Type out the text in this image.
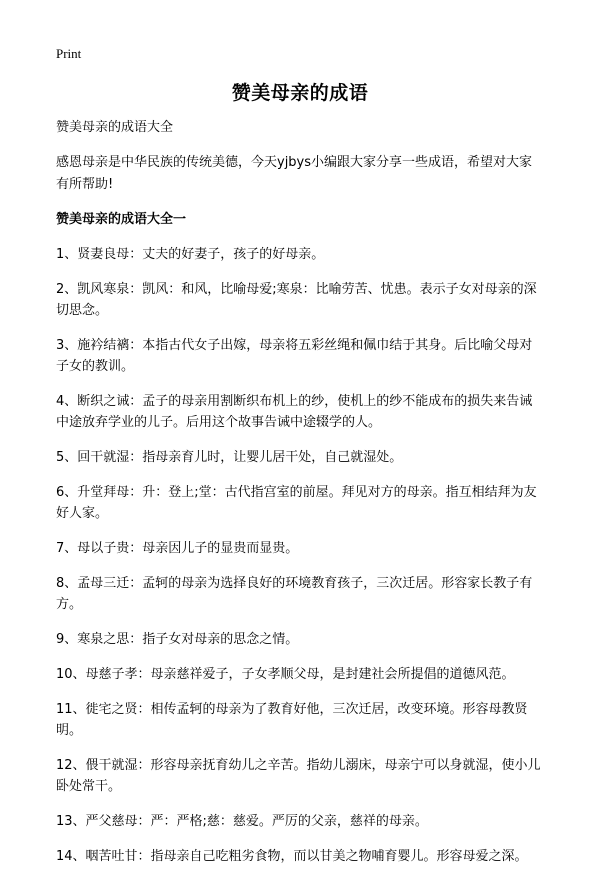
Print
赞美母亲的成语

赞美母亲的成语大全

感恩母亲是中华民族的传统美德，今天yjbys小编跟大家分享一些成语，希望对大家有所帮助!

赞美母亲的成语大全一

1、贤妻良母：丈夫的好妻子，孩子的好母亲。
2、凯风寒泉：凯风：和风，比喻母爱;寒泉：比喻劳苦、忧患。表示子女对母亲的深切思念。
3、施衿结褵：本指古代女子出嫁，母亲将五彩丝绳和佩巾结于其身。后比喻父母对子女的教训。
4、断织之诫：孟子的母亲用割断织布机上的纱，使机上的纱不能成布的损失来告诫中途放弃学业的儿子。后用这个故事告诫中途辍学的人。
5、回干就湿：指母亲育儿时，让婴儿居干处，自己就湿处。
6、升堂拜母：升：登上;堂：古代指宫室的前屋。拜见对方的母亲。指互相结拜为友好人家。
7、母以子贵：母亲因儿子的显贵而显贵。
8、孟母三迁：孟轲的母亲为选择良好的环境教育孩子，三次迁居。形容家长教子有方。
9、寒泉之思：指子女对母亲的思念之情。
10、母慈子孝：母亲慈祥爱子，子女孝顺父母，是封建社会所提倡的道德风范。
11、徙宅之贤：相传孟轲的母亲为了教育好他，三次迁居，改变环境。形容母教贤明。
12、偎干就湿：形容母亲抚育幼儿之辛苦。指幼儿溺床，母亲宁可以身就湿，使小儿卧处常干。
13、严父慈母：严：严格;慈：慈爱。严厉的父亲，慈祥的母亲。
14、咽苦吐甘：指母亲自己吃粗劣食物，而以甘美之物哺育婴儿。形容母爱之深。
